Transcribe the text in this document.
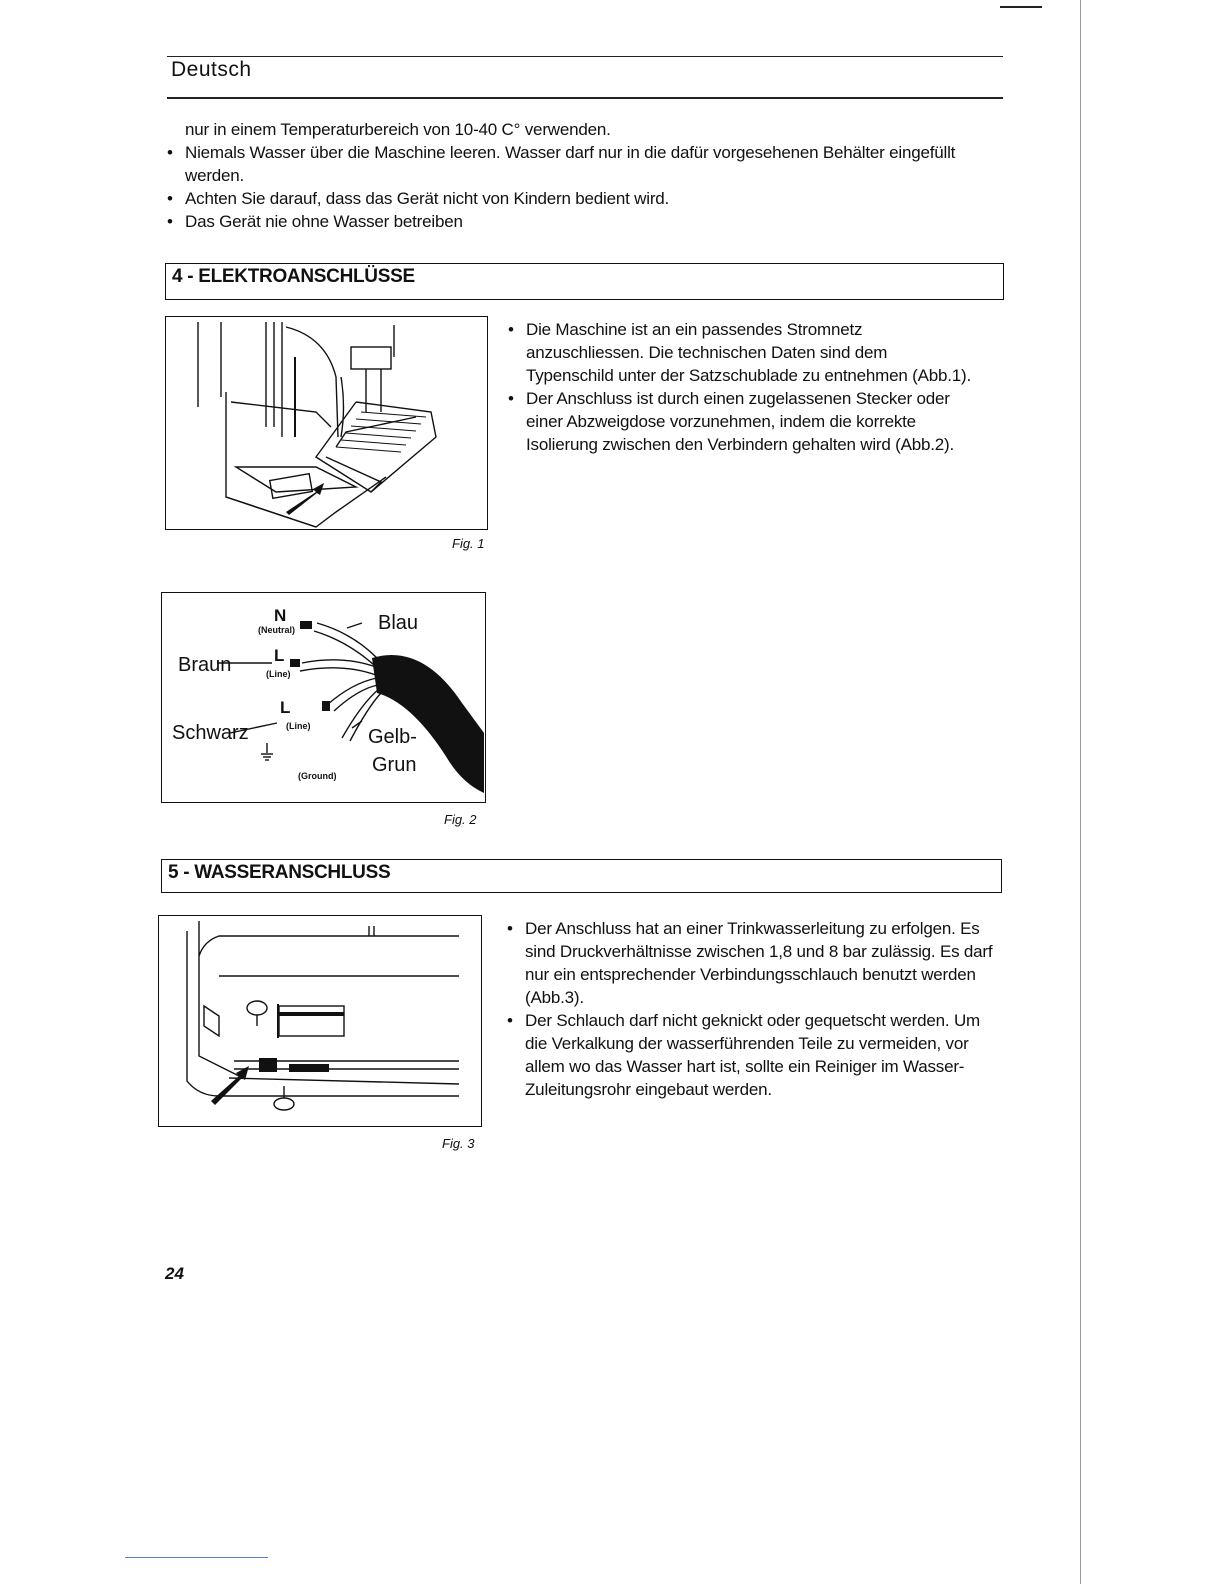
Deutsch
nur in einem Temperaturbereich von 10-40 C° verwenden.
• Niemals Wasser über die Maschine leeren. Wasser darf nur in die dafür vorgesehenen Behälter eingefüllt werden.
• Achten Sie darauf, dass das Gerät nicht von Kindern bedient wird.
• Das Gerät nie ohne Wasser betreiben
4 - ELEKTROANSCHLÜSSE
Fig. 1
• Die Maschine ist an ein passendes Stromnetz anzuschliessen. Die technischen Daten sind dem Typenschild unter der Satzschublade zu entnehmen (Abb.1).
• Der Anschluss ist durch einen zugelassenen Stecker oder einer Abzweigdose vorzunehmen, indem die korrekte Isolierung zwischen den Verbindern gehalten wird (Abb.2).
N
(Neutral)	Blau
Braun	L
(Line)
Schwarz
L
(Line)	Gelb-
Grun
(Ground)
Fig. 2
5 - WASSERANSCHLUSS
Fig. 3
• Der Anschluss hat an einer Trinkwasserleitung zu erfolgen. Es sind Druckverhältnisse zwischen 1,8 und 8 bar zulässig. Es darf nur ein entsprechender Verbindungsschlauch benutzt werden (Abb.3).
• Der Schlauch darf nicht geknickt oder gequetscht werden. Um die Verkalkung der wasserführenden Teile zu vermeiden, vor allem wo das Wasser hart ist, sollte ein Reiniger im Wasser-Zuleitungsrohr eingebaut werden.
24
